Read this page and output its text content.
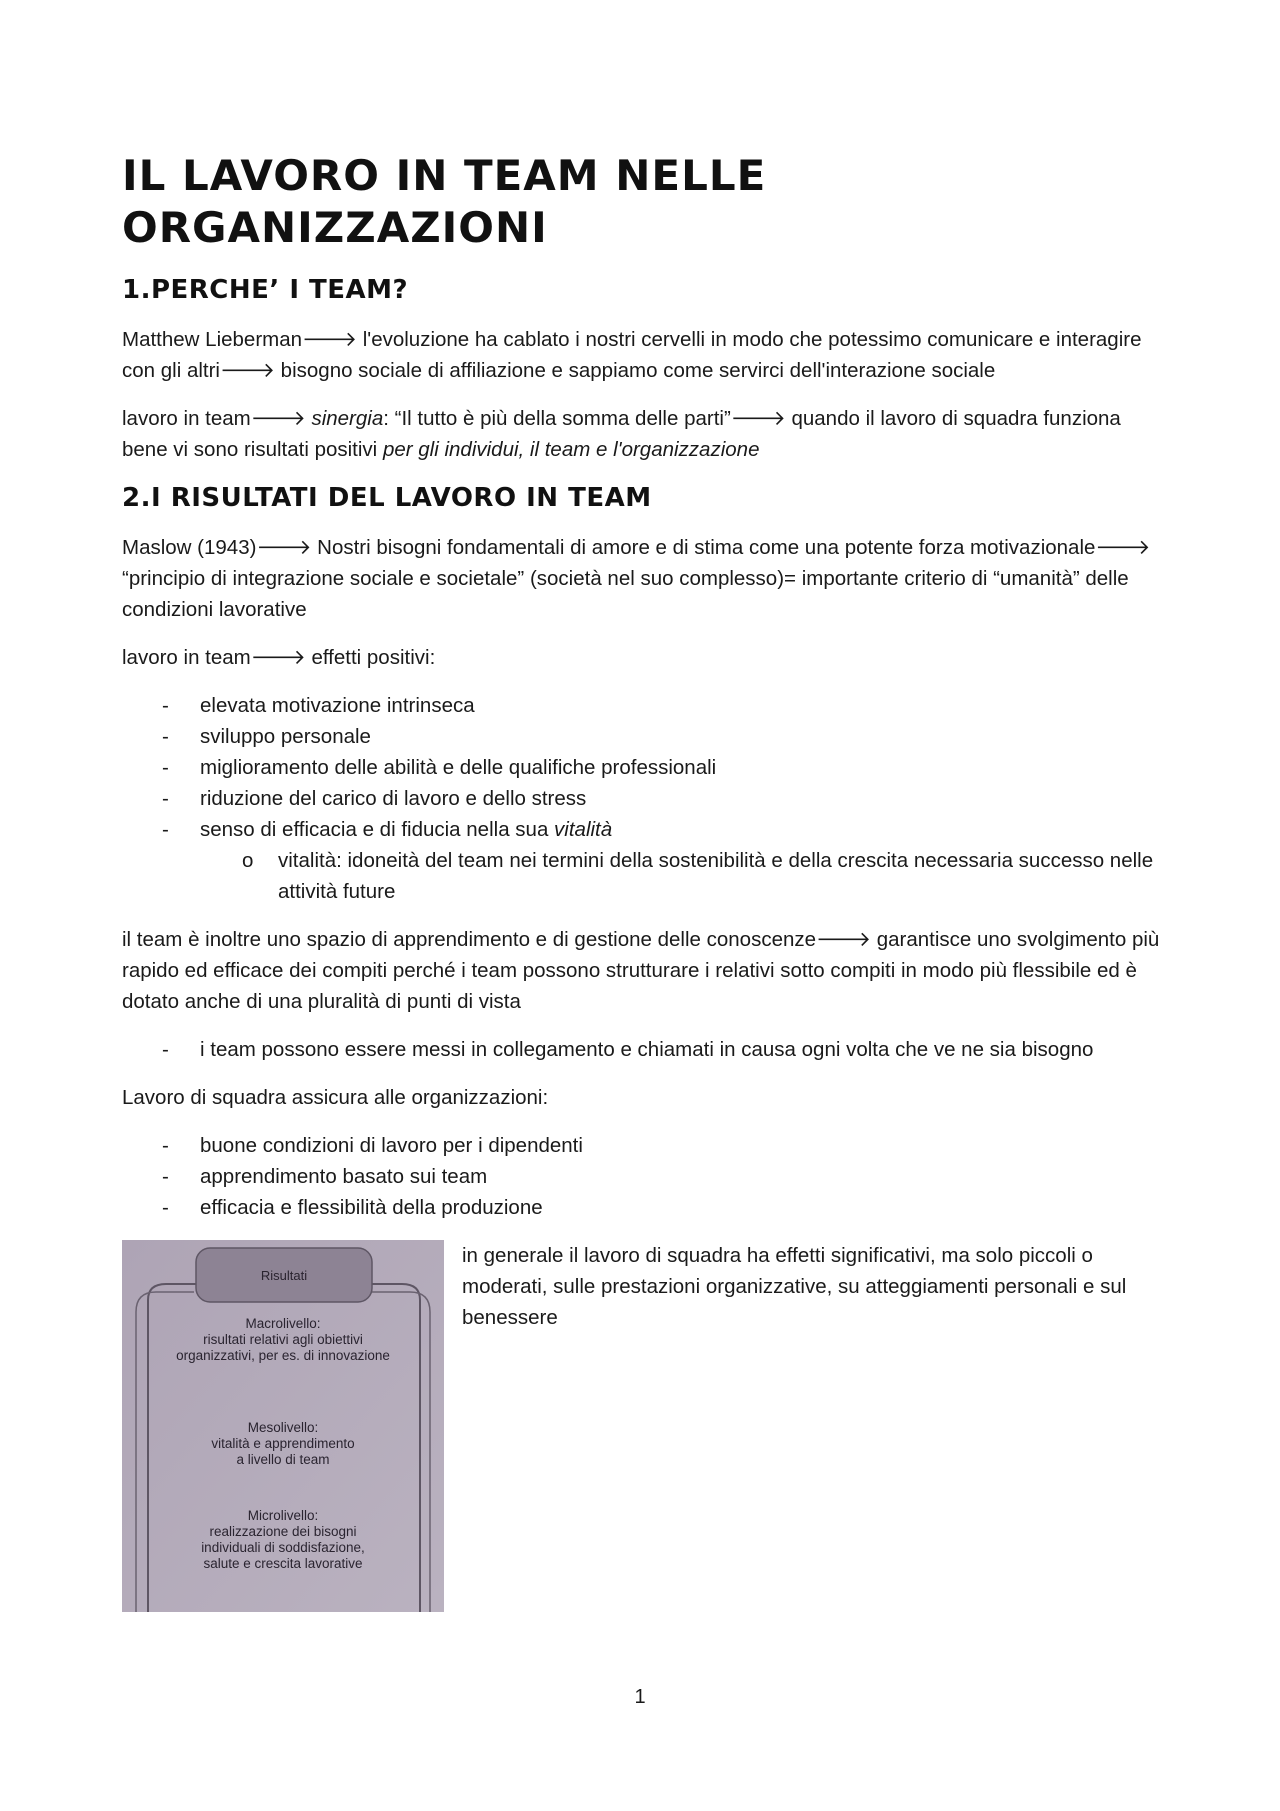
IL LAVORO IN TEAM NELLE ORGANIZZAZIONI
1.PERCHE’ I TEAM?

Matthew Lieberman🡒 l'evoluzione ha cablato i nostri cervelli in modo che potessimo comunicare e interagire con gli altri🡒 bisogno sociale di affiliazione e sappiamo come servirci dell'interazione sociale

lavoro in team🡒 sinergia: “Il tutto è più della somma delle parti”🡒 quando il lavoro di squadra funziona bene vi sono risultati positivi per gli individui, il team e l'organizzazione

2.I RISULTATI DEL LAVORO IN TEAM

Maslow (1943)🡒 Nostri bisogni fondamentali di amore e di stima come una potente forza motivazionale🡒 “principio di integrazione sociale e societale” (società nel suo complesso)= importante criterio di “umanità” delle condizioni lavorative

lavoro in team🡒 effetti positivi:

- elevata motivazione intrinseca
- sviluppo personale
- miglioramento delle abilità e delle qualifiche professionali
- riduzione del carico di lavoro e dello stress
- senso di efficacia e di fiducia nella sua vitalità
o vitalità: idoneità del team nei termini della sostenibilità e della crescita necessaria successo nelle attività future

il team è inoltre uno spazio di apprendimento e di gestione delle conoscenze🡒 garantisce uno svolgimento più rapido ed efficace dei compiti perché i team possono strutturare i relativi sotto compiti in modo più flessibile ed è dotato anche di una pluralità di punti di vista

- i team possono essere messi in collegamento e chiamati in causa ogni volta che ve ne sia bisogno

Lavoro di squadra assicura alle organizzazioni:

- buone condizioni di lavoro per i dipendenti
- apprendimento basato sui team
- efficacia e flessibilità della produzione
Risultati
Macrolivello:
risultati relativi agli obiettivi
organizzativi, per es. di innovazione
Mesolivello:
vitalità e apprendimento
a livello di team
Microlivello:
realizzazione dei bisogni
individuali di soddisfazione,
salute e crescita lavorative
in generale il lavoro di squadra ha effetti significativi, ma solo piccoli o moderati, sulle prestazioni organizzative, su atteggiamenti personali e sul benessere
1
